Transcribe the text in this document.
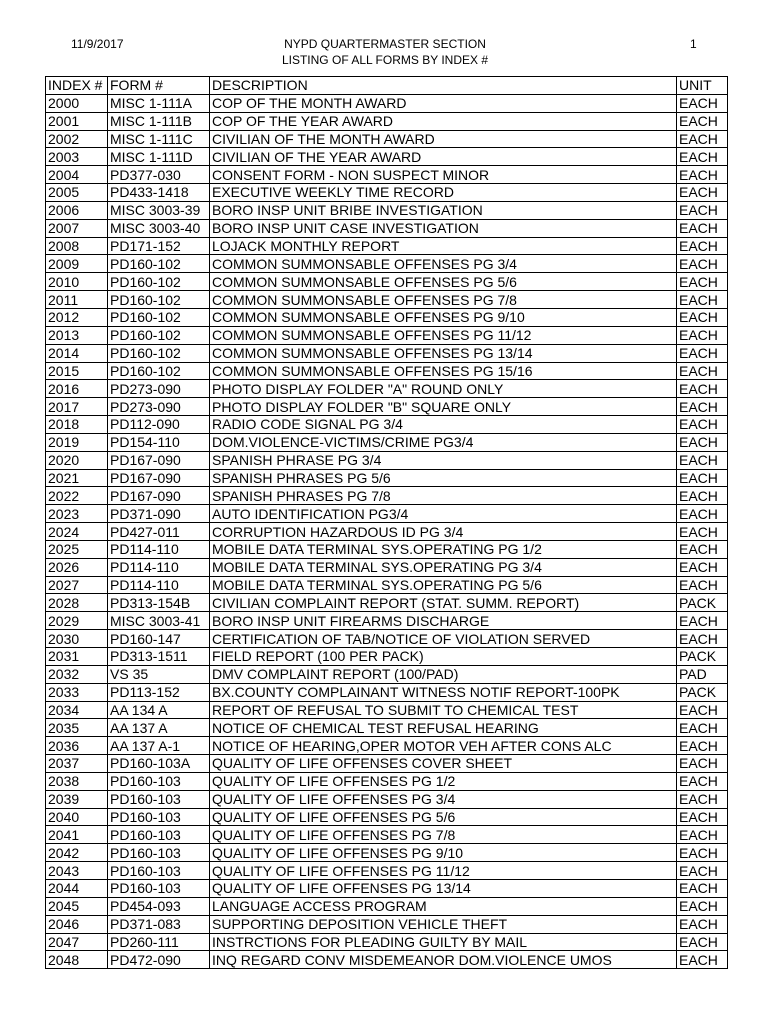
11/9/2017	NYPD QUARTERMASTER SECTION
LISTING OF ALL FORMS BY INDEX #
1
INDEX #	FORM #	DESCRIPTION	UNIT
2000	MISC 1-111A	COP OF THE MONTH AWARD	EACH
2001	MISC 1-111B	COP OF THE YEAR AWARD	EACH
2002	MISC 1-111C	CIVILIAN OF THE MONTH AWARD	EACH
2003	MISC 1-111D	CIVILIAN OF THE YEAR AWARD	EACH
2004	PD377-030	CONSENT FORM - NON SUSPECT MINOR	EACH
2005	PD433-1418	EXECUTIVE WEEKLY TIME RECORD	EACH
2006	MISC 3003-39	BORO INSP UNIT BRIBE INVESTIGATION	EACH
2007	MISC 3003-40	BORO INSP UNIT CASE INVESTIGATION	EACH
2008	PD171-152	LOJACK MONTHLY REPORT	EACH
2009	PD160-102	COMMON SUMMONSABLE OFFENSES PG 3/4	EACH
2010	PD160-102	COMMON SUMMONSABLE OFFENSES PG 5/6	EACH
2011	PD160-102	COMMON SUMMONSABLE OFFENSES PG 7/8	EACH
2012	PD160-102	COMMON SUMMONSABLE OFFENSES PG 9/10	EACH
2013	PD160-102	COMMON SUMMONSABLE OFFENSES PG 11/12	EACH
2014	PD160-102	COMMON SUMMONSABLE OFFENSES PG 13/14	EACH
2015	PD160-102	COMMON SUMMONSABLE OFFENSES PG 15/16	EACH
2016	PD273-090	PHOTO DISPLAY FOLDER "A" ROUND ONLY	EACH
2017	PD273-090	PHOTO DISPLAY FOLDER "B" SQUARE ONLY	EACH
2018	PD112-090	RADIO CODE SIGNAL PG 3/4	EACH
2019	PD154-110	DOM.VIOLENCE-VICTIMS/CRIME PG3/4	EACH
2020	PD167-090	SPANISH PHRASE PG 3/4	EACH
2021	PD167-090	SPANISH PHRASES PG 5/6	EACH
2022	PD167-090	SPANISH PHRASES PG 7/8	EACH
2023	PD371-090	AUTO IDENTIFICATION PG3/4	EACH
2024	PD427-011	CORRUPTION HAZARDOUS ID PG 3/4	EACH
2025	PD114-110	MOBILE DATA TERMINAL SYS.OPERATING PG 1/2	EACH
2026	PD114-110	MOBILE DATA TERMINAL SYS.OPERATING PG 3/4	EACH
2027	PD114-110	MOBILE DATA TERMINAL SYS.OPERATING PG 5/6	EACH
2028	PD313-154B	CIVILIAN COMPLAINT REPORT (STAT. SUMM. REPORT)	PACK
2029	MISC 3003-41	BORO INSP UNIT FIREARMS DISCHARGE	EACH
2030	PD160-147	CERTIFICATION OF TAB/NOTICE OF VIOLATION SERVED	EACH
2031	PD313-1511	FIELD REPORT (100 PER PACK)	PACK
2032	VS 35	DMV COMPLAINT REPORT (100/PAD)	PAD
2033	PD113-152	BX.COUNTY COMPLAINANT WITNESS NOTIF REPORT-100PK	PACK
2034	AA 134 A	REPORT OF REFUSAL TO SUBMIT TO CHEMICAL TEST	EACH
2035	AA 137 A	NOTICE OF CHEMICAL TEST REFUSAL HEARING	EACH
2036	AA 137 A-1	NOTICE OF HEARING,OPER MOTOR VEH AFTER CONS ALC	EACH
2037	PD160-103A	QUALITY OF LIFE OFFENSES COVER SHEET	EACH
2038	PD160-103	QUALITY OF LIFE OFFENSES PG 1/2	EACH
2039	PD160-103	QUALITY OF LIFE OFFENSES PG 3/4	EACH
2040	PD160-103	QUALITY OF LIFE OFFENSES PG 5/6	EACH
2041	PD160-103	QUALITY OF LIFE OFFENSES PG 7/8	EACH
2042	PD160-103	QUALITY OF LIFE OFFENSES PG 9/10	EACH
2043	PD160-103	QUALITY OF LIFE OFFENSES PG 11/12	EACH
2044	PD160-103	QUALITY OF LIFE OFFENSES PG 13/14	EACH
2045	PD454-093	LANGUAGE ACCESS PROGRAM	EACH
2046	PD371-083	SUPPORTING DEPOSITION VEHICLE THEFT	EACH
2047	PD260-111	INSTRCTIONS FOR PLEADING GUILTY BY MAIL	EACH
2048	PD472-090	INQ REGARD CONV MISDEMEANOR DOM.VIOLENCE UMOS	EACH
